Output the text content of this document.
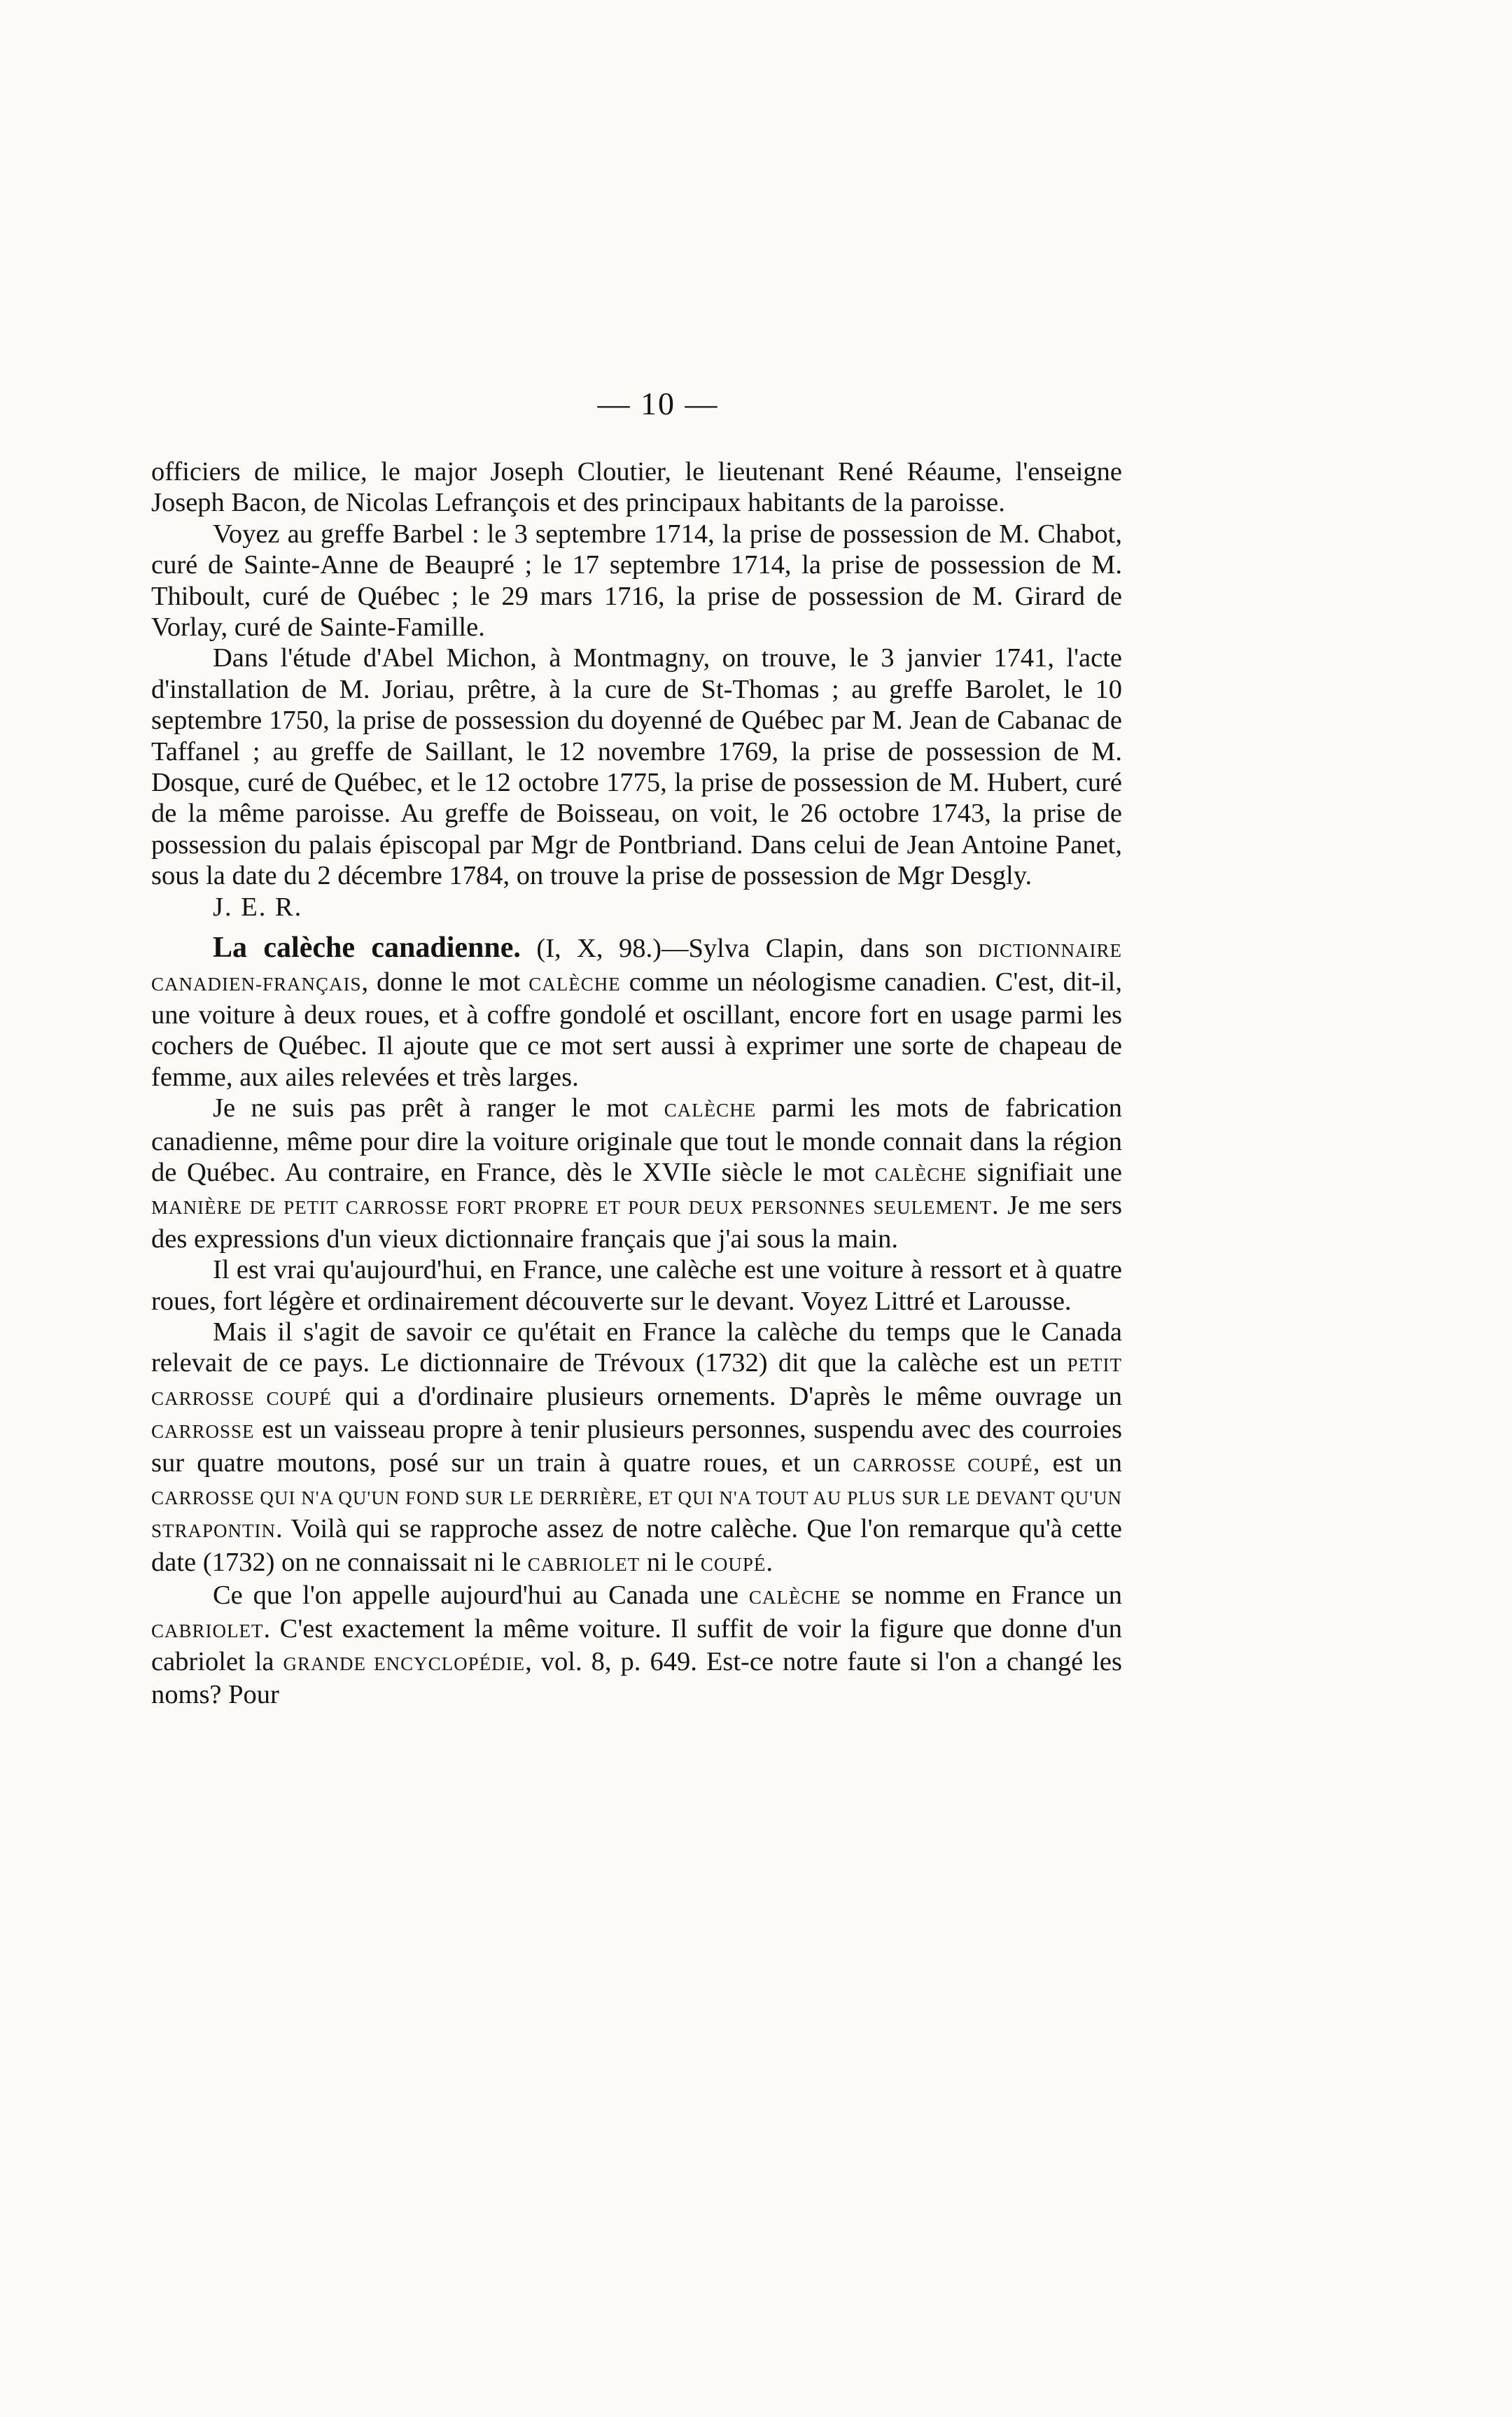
— 10 —

officiers de milice, le major Joseph Cloutier, le lieutenant René Réaume, l'enseigne Joseph Bacon, de Nicolas Lefrançois et des principaux habitants de la paroisse.

Voyez au greffe Barbel : le 3 septembre 1714, la prise de possession de M. Chabot, curé de Sainte-Anne de Beaupré ; le 17 septembre 1714, la prise de possession de M. Thiboult, curé de Québec ; le 29 mars 1716, la prise de possession de M. Girard de Vorlay, curé de Sainte-Famille.

Dans l'étude d'Abel Michon, à Montmagny, on trouve, le 3 janvier 1741, l'acte d'installation de M. Joriau, prêtre, à la cure de St-Thomas ; au greffe Barolet, le 10 septembre 1750, la prise de possession du doyenné de Québec par M. Jean de Cabanac de Taffanel ; au greffe de Saillant, le 12 novembre 1769, la prise de possession de M. Dosque, curé de Québec, et le 12 octobre 1775, la prise de possession de M. Hubert, curé de la même paroisse. Au greffe de Boisseau, on voit, le 26 octobre 1743, la prise de possession du palais épiscopal par Mgr de Pontbriand. Dans celui de Jean Antoine Panet, sous la date du 2 décembre 1784, on trouve la prise de possession de Mgr Desgly.

J. E. R.

La calèche canadienne. (I, X, 98.)—Sylva Clapin, dans son DICTIONNAIRE CANADIEN-FRANÇAIS, donne le mot CALÈCHE comme un néologisme canadien. C'est, dit-il, une voiture à deux roues, et à coffre gondolé et oscillant, encore fort en usage parmi les cochers de Québec. Il ajoute que ce mot sert aussi à exprimer une sorte de chapeau de femme, aux ailes relevées et très larges.

Je ne suis pas prêt à ranger le mot CALÈCHE parmi les mots de fabrication canadienne, même pour dire la voiture originale que tout le monde connait dans la région de Québec. Au contraire, en France, dès le XVIIe siècle le mot CALÈCHE signifiait une MANIÈRE DE PETIT CARROSSE FORT PROPRE ET POUR DEUX PERSONNES SEULEMENT. Je me sers des expressions d'un vieux dictionnaire français que j'ai sous la main.

Il est vrai qu'aujourd'hui, en France, une calèche est une voiture à ressort et à quatre roues, fort légère et ordinairement découverte sur le devant. Voyez Littré et Larousse.

Mais il s'agit de savoir ce qu'était en France la calèche du temps que le Canada relevait de ce pays. Le dictionnaire de Trévoux (1732) dit que la calèche est un PETIT CARROSSE COUPÉ qui a d'ordinaire plusieurs ornements. D'après le même ouvrage un CARROSSE est un vaisseau propre à tenir plusieurs personnes, suspendu avec des courroies sur quatre moutons, posé sur un train à quatre roues, et un CARROSSE COUPÉ, est un CARROSSE QUI N'A QU'UN FOND SUR LE DERRIÈRE, ET QUI N'A TOUT AU PLUS SUR LE DEVANT QU'UN STRAPONTIN. Voilà qui se rapproche assez de notre calèche. Que l'on remarque qu'à cette date (1732) on ne connaissait ni le CABRIOLET ni le COUPÉ.

Ce que l'on appelle aujourd'hui au Canada une CALÈCHE se nomme en France un CABRIOLET. C'est exactement la même voiture. Il suffit de voir la figure que donne d'un cabriolet la GRANDE ENCYCLOPÉDIE, vol. 8, p. 649. Est-ce notre faute si l'on a changé les noms? Pour
